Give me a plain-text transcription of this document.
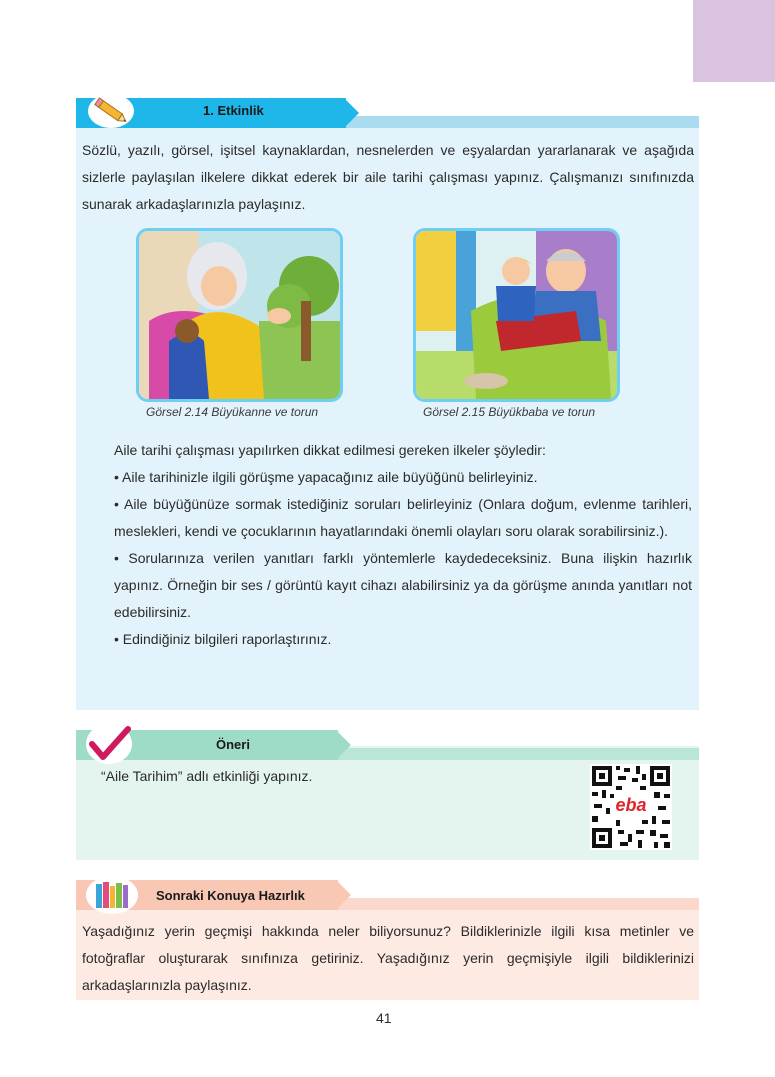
1. Etkinlik
Sözlü, yazılı, görsel, işitsel kaynaklardan, nesnelerden ve eşyalardan yararlanarak ve aşağıda sizlerle paylaşılan ilkelere dikkat ederek bir aile tarihi çalışması yapınız. Çalışmanızı sınıfınızda sunarak arkadaşlarınızla paylaşınız.
Görsel 2.14 Büyükanne ve torun	Görsel 2.15 Büyükbaba ve torun

Aile tarihi çalışması yapılırken dikkat edilmesi gereken ilkeler şöyledir:

• Aile tarihinizle ilgili görüşme yapacağınız aile büyüğünü belirleyiniz.

• Aile büyüğünüze sormak istediğiniz soruları belirleyiniz (Onlara doğum, evlenme tarihleri, meslekleri, kendi ve çocuklarının hayatlarındaki önemli olayları soru olarak sorabilirsiniz.).

• Sorularınıza verilen yanıtları farklı yöntemlerle kaydedeceksiniz. Buna ilişkin hazırlık yapınız. Örneğin bir ses / görüntü kayıt cihazı alabilirsiniz ya da görüşme anında yanıtları not edebilirsiniz.

• Edindiğiniz bilgileri raporlaştırınız.

Öneri
“Aile Tarihim” adlı etkinliği yapınız.
eba
Sonraki Konuya Hazırlık
Yaşadığınız yerin geçmişi hakkında neler biliyorsunuz? Bildiklerinizle ilgili kısa metinler ve fotoğraflar oluşturarak sınıfınıza getiriniz. Yaşadığınız yerin geçmişiyle ilgili bildiklerinizi arkadaşlarınızla paylaşınız.
41
